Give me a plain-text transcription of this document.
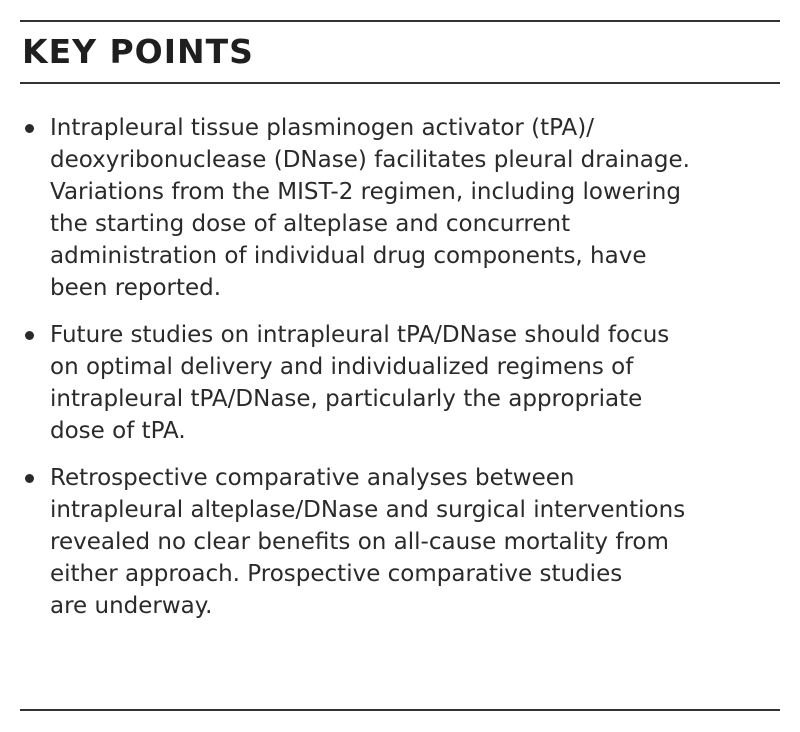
KEY POINTS
Intrapleural tissue plasminogen activator (tPA)/
deoxyribonuclease (DNase) facilitates pleural drainage.
Variations from the MIST-2 regimen, including lowering
the starting dose of alteplase and concurrent
administration of individual drug components, have
been reported.
Future studies on intrapleural tPA/DNase should focus
on optimal delivery and individualized regimens of
intrapleural tPA/DNase, particularly the appropriate
dose of tPA.
Retrospective comparative analyses between
intrapleural alteplase/DNase and surgical interventions
revealed no clear benefits on all-cause mortality from
either approach. Prospective comparative studies
are underway.
